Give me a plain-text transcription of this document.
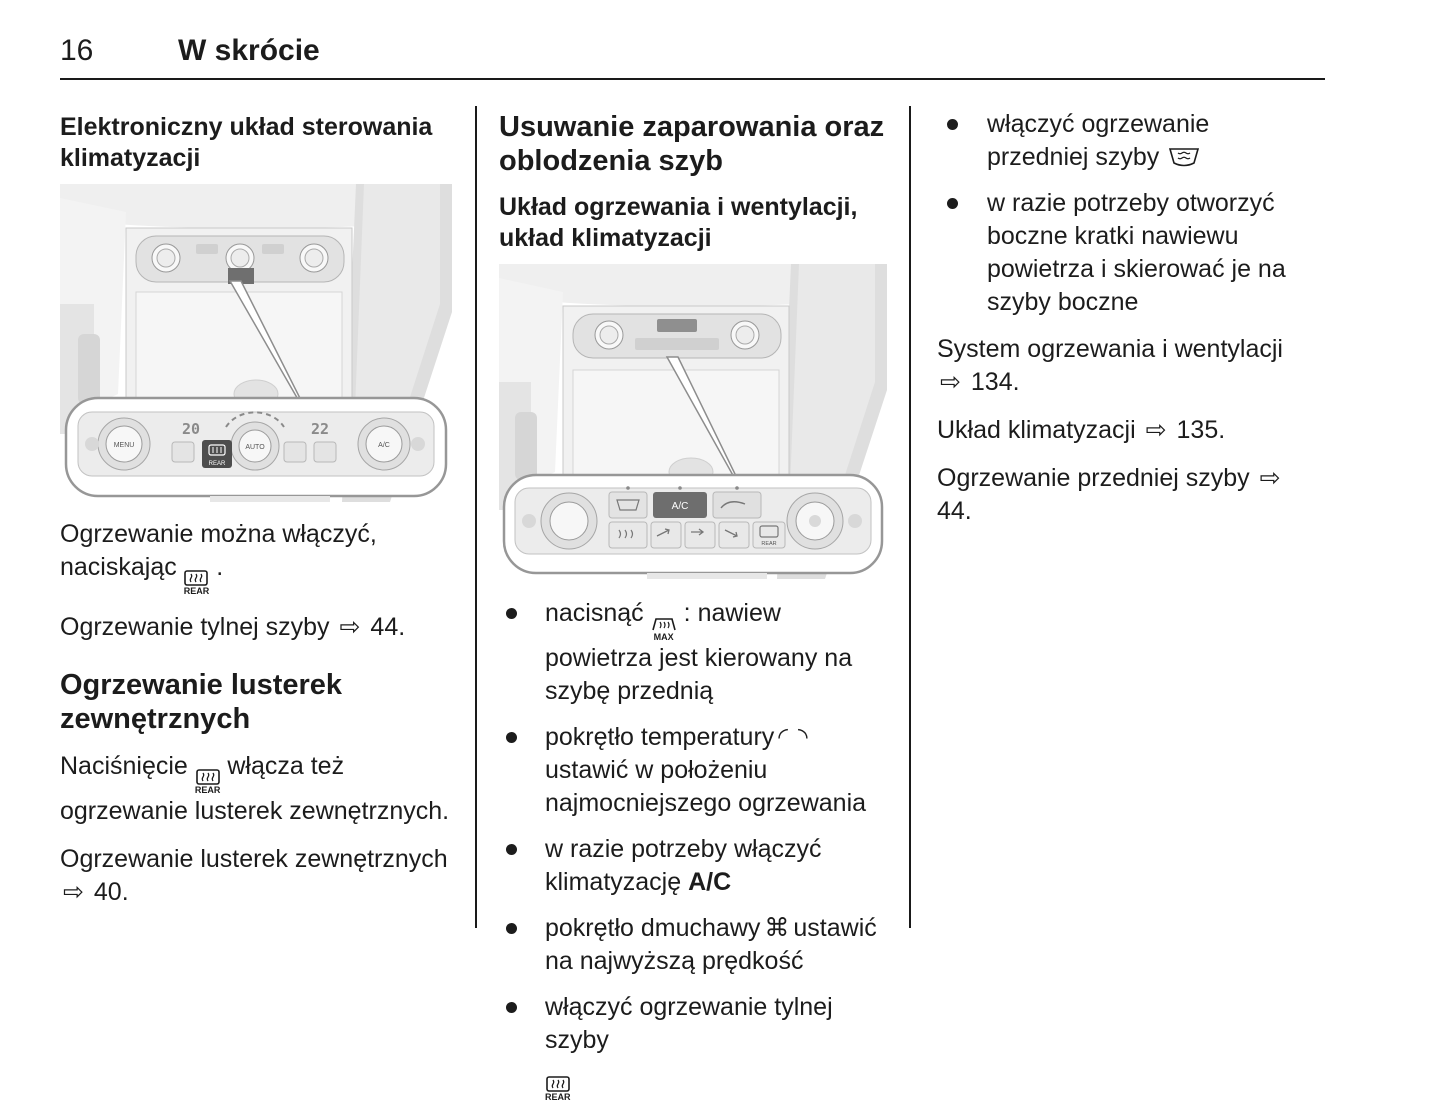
16	W skrócie
Elektroniczny układ sterowania klimatyzacji
MENU	AUTO	A/C
20	22
REAR

Ogrzewanie można włączyć, naciskając
REAR
.

Ogrzewanie tylnej szyby ⇨ 44.

Ogrzewanie lusterek zewnętrznych

Naciśnięcie
REAR
włącza też ogrzewanie lusterek zewnętrznych.

Ogrzewanie lusterek zewnętrznych ⇨ 40.

Usuwanie zaparowania oraz oblodzenia szyb
Układ ogrzewania i wentylacji, układ klimatyzacji
A/C
REAR
nacisnąć
MAX
: nawiew powietrza jest kierowany na szybę przednią
pokrętło temperatury ◜ ◝ ustawić w położeniu najmocniejszego ogrzewania
w razie potrzeby włączyć klimatyzację A/C
pokrętło dmuchawy ⌘ ustawić na najwyższą prędkość
włączyć ogrzewanie tylnej szyby

REAR
włączyć ogrzewanie przedniej szyby
w razie potrzeby otworzyć boczne kratki nawiewu powietrza i skierować je na szyby boczne

System ogrzewania i wentylacji ⇨ 134.

Układ klimatyzacji ⇨ 135.

Ogrzewanie przedniej szyby ⇨ 44.
